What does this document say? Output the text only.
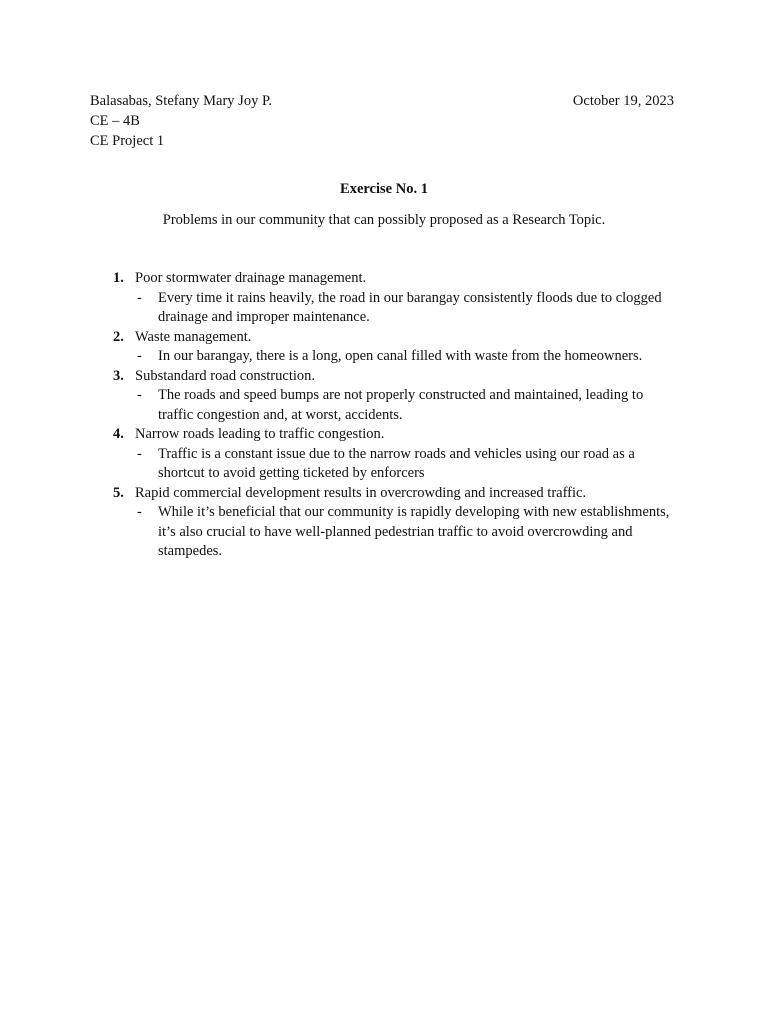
Balasabas, Stefany Mary Joy P.
CE – 4B
CE Project 1
October 19, 2023
Exercise No. 1
Problems in our community that can possibly proposed as a Research Topic.
1. Poor stormwater drainage management.

- Every time it rains heavily, the road in our barangay consistently floods due to clogged drainage and improper maintenance.

2. Waste management.

- In our barangay, there is a long, open canal filled with waste from the homeowners.

3. Substandard road construction.

- The roads and speed bumps are not properly constructed and maintained, leading to traffic congestion and, at worst, accidents.

4. Narrow roads leading to traffic congestion.

- Traffic is a constant issue due to the narrow roads and vehicles using our road as a shortcut to avoid getting ticketed by enforcers

5. Rapid commercial development results in overcrowding and increased traffic.

- While it’s beneficial that our community is rapidly developing with new establishments, it’s also crucial to have well-planned pedestrian traffic to avoid overcrowding and stampedes.
